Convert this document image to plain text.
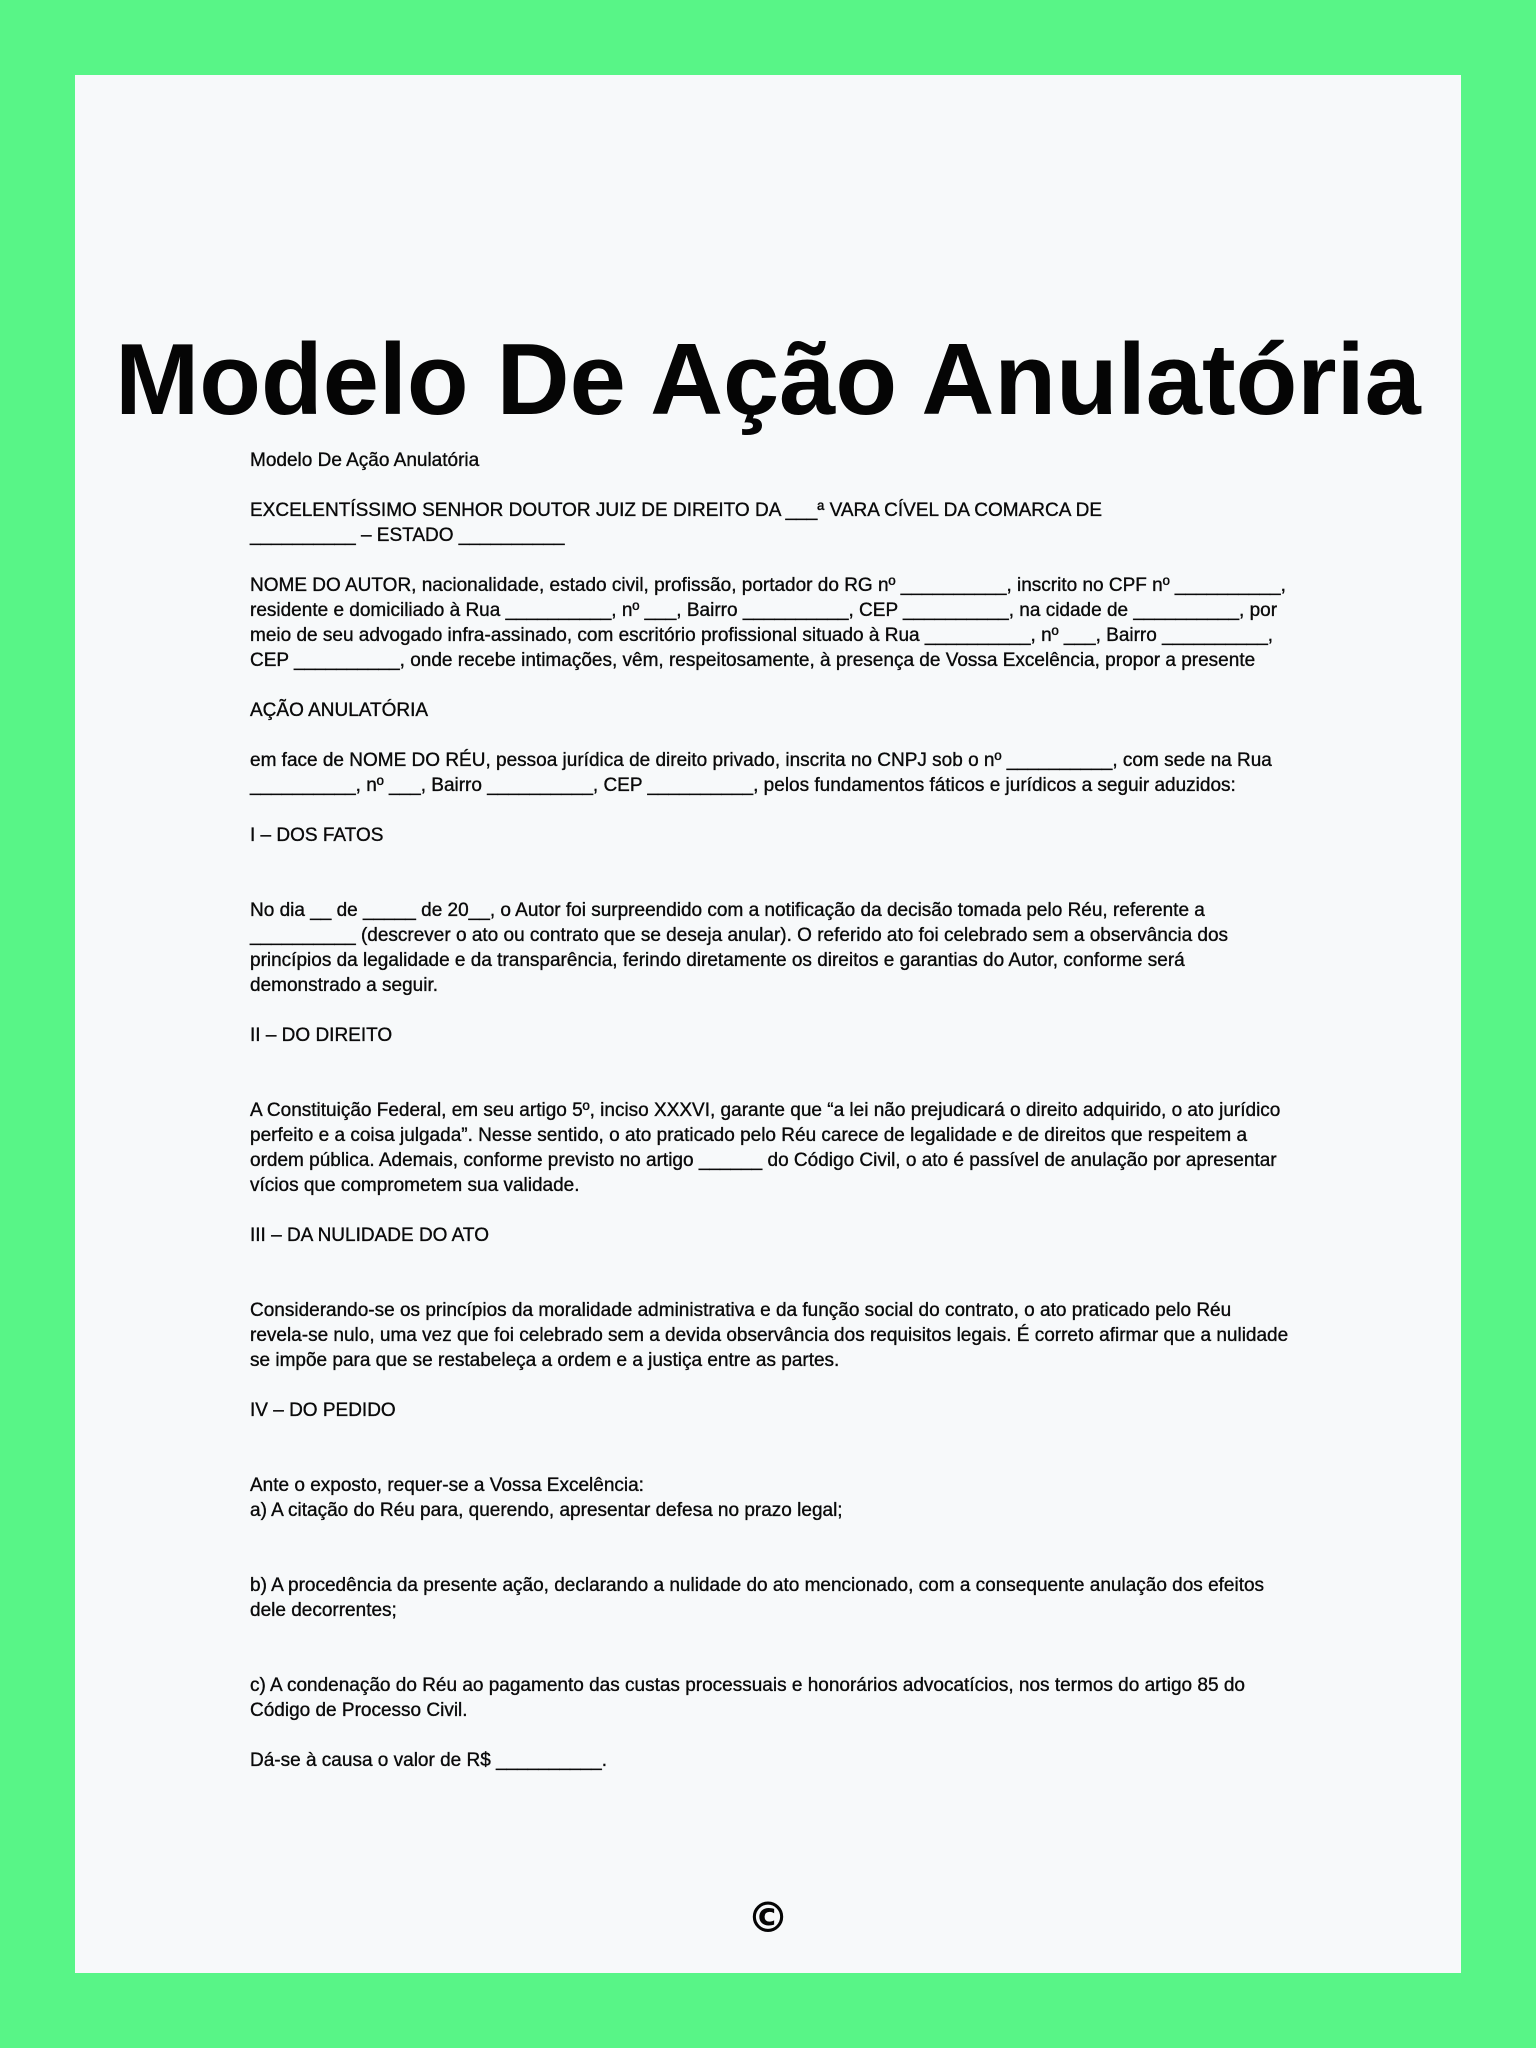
Modelo De Ação Anulatória

Modelo De Ação Anulatória

EXCELENTÍSSIMO SENHOR DOUTOR JUIZ DE DIREITO DA ___ª VARA CÍVEL DA COMARCA DE

__________ – ESTADO __________

NOME DO AUTOR, nacionalidade, estado civil, profissão, portador do RG nº __________, inscrito no CPF nº __________, residente e domiciliado à Rua __________, nº ___, Bairro __________, CEP __________, na cidade de __________, por meio de seu advogado infra-assinado, com escritório profissional situado à Rua __________, nº ___, Bairro __________, CEP __________, onde recebe intimações, vêm, respeitosamente, à presença de Vossa Excelência, propor a presente

AÇÃO ANULATÓRIA

em face de NOME DO RÉU, pessoa jurídica de direito privado, inscrita no CNPJ sob o nº __________, com sede na Rua __________, nº ___, Bairro __________, CEP __________, pelos fundamentos fáticos e jurídicos a seguir aduzidos:

I – DOS FATOS

No dia __ de _____ de 20__, o Autor foi surpreendido com a notificação da decisão tomada pelo Réu, referente a __________ (descrever o ato ou contrato que se deseja anular). O referido ato foi celebrado sem a observância dos princípios da legalidade e da transparência, ferindo diretamente os direitos e garantias do Autor, conforme será demonstrado a seguir.

II – DO DIREITO

A Constituição Federal, em seu artigo 5º, inciso XXXVI, garante que “a lei não prejudicará o direito adquirido, o ato jurídico perfeito e a coisa julgada”. Nesse sentido, o ato praticado pelo Réu carece de legalidade e de direitos que respeitem a ordem pública. Ademais, conforme previsto no artigo ______ do Código Civil, o ato é passível de anulação por apresentar vícios que comprometem sua validade.

III – DA NULIDADE DO ATO

Considerando-se os princípios da moralidade administrativa e da função social do contrato, o ato praticado pelo Réu revela-se nulo, uma vez que foi celebrado sem a devida observância dos requisitos legais. É correto afirmar que a nulidade se impõe para que se restabeleça a ordem e a justiça entre as partes.

IV – DO PEDIDO

Ante o exposto, requer-se a Vossa Excelência:

a) A citação do Réu para, querendo, apresentar defesa no prazo legal;

b) A procedência da presente ação, declarando a nulidade do ato mencionado, com a consequente anulação dos efeitos dele decorrentes;

c) A condenação do Réu ao pagamento das custas processuais e honorários advocatícios, nos termos do artigo 85 do Código de Processo Civil.

Dá-se à causa o valor de R$ __________.

©
